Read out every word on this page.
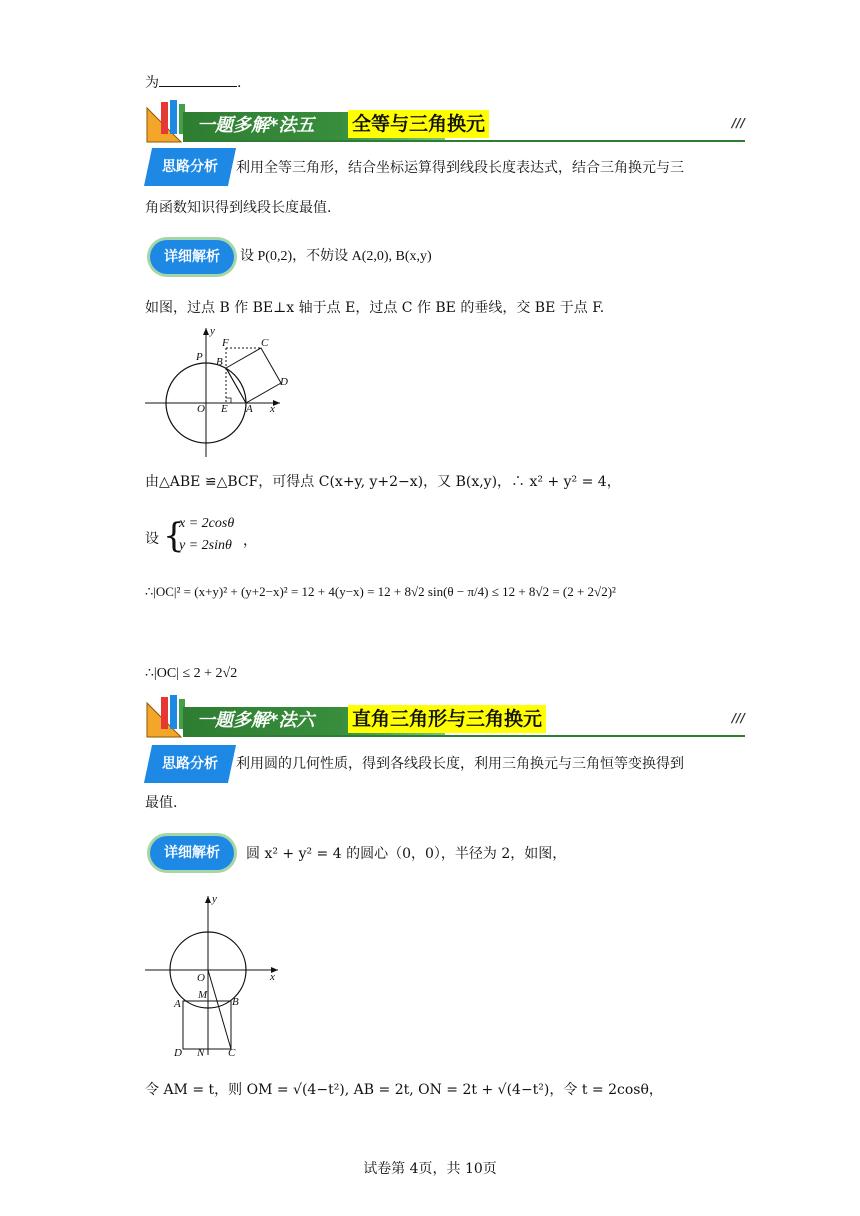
为	.
一题多解*法五	全等与三角换元	///
思路分析	利用全等三角形，结合坐标运算得到线段长度表达式，结合三角换元与三
角函数知识得到线段长度最值.
详细解析	设 P(0,2)，不妨设 A(2,0), B(x,y)
如图，过点 B 作 BE⊥x 轴于点 E，过点 C 作 BE 的垂线，交 BE 于点 F.
P B
F	C
D
O E A x
y
由△ABE ≌△BCF，可得点 C(x+y, y+2−x)，又 B(x,y)，∴ x² + y² = 4，
设 {
x = 2cosθ
y = 2sinθ ，
∴|OC|² = (x+y)² + (y+2−x)² = 12 + 4(y−x) = 12 + 8√2 sin(θ − π/4) ≤ 12 + 8√2 = (2 + 2√2)²
∴|OC| ≤ 2 + 2√2
一题多解*法六	直角三角形与三角换元	///
思路分析	利用圆的几何性质，得到各线段长度，利用三角换元与三角恒等变换得到
最值.
详细解析	圆 x² + y² = 4 的圆心（0，0），半径为 2，如图，
O
M
A	B
D N C
x
y
令 AM = t，则 OM = √(4−t²), AB = 2t, ON = 2t + √(4−t²)，令 t = 2cosθ，
试卷第 4页，共 10页
